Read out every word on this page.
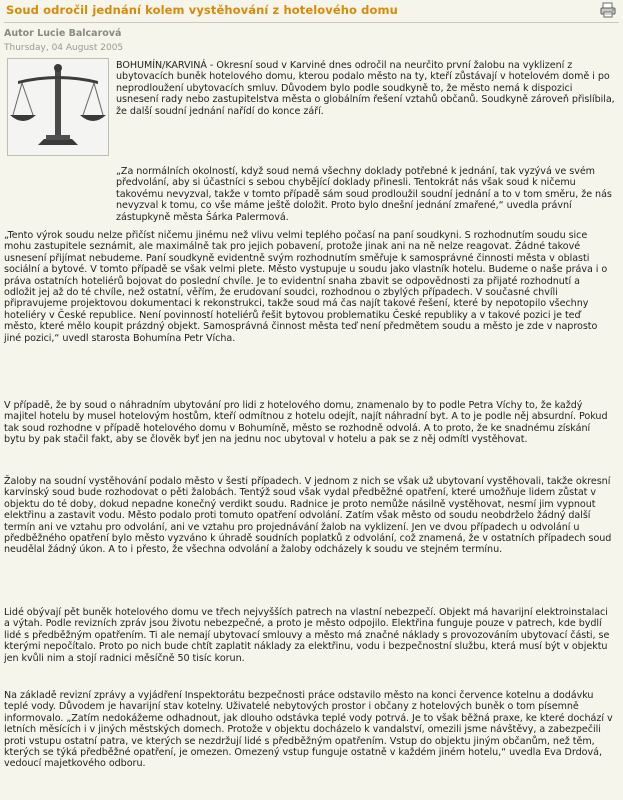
Soud odročil jednání kolem vystěhování z hotelového domu
Autor Lucie Balcarová
Thursday, 04 August 2005
BOHUMÍN/KARVINÁ - Okresní soud v Karviné dnes odročil na neurčito první žalobu na vyklizení z ubytovacích buněk hotelového domu, kterou podalo město na ty, kteří zůstávají v hotelovém domě i po neprodloužení ubytovacích smluv. Důvodem bylo podle soudkyně to, že město nemá k dispozici usnesení rady nebo zastupitelstva města o globálním řešení vztahů občanů. Soudkyně zároveň přislíbila, že další soudní jednání nařídí do konce září.
„Za normálních okolností, když soud nemá všechny doklady potřebné k jednání, tak vyzývá ve svém předvolání, aby si účastníci s sebou chybějící doklady přinesli. Tentokrát nás však soud k ničemu takovému nevyzval, takže v tomto případě sám soud prodloužil soudní jednání a to v tom směru, že nás nevyzval k tomu, co vše máme ještě doložit. Proto bylo dnešní jednání zmařené,“ uvedla právní zástupkyně města Šárka Palermová.
„Tento výrok soudu nelze přičíst ničemu jinému než vlivu velmi teplého počasí na paní soudkyni. S rozhodnutím soudu sice mohu zastupitele seznámit, ale maximálně tak pro jejich pobavení, protože jinak ani na ně nelze reagovat. Žádné takové usnesení přijímat nebudeme. Paní soudkyně evidentně svým rozhodnutím směřuje k samosprávné činnosti města v oblasti sociální a bytové. V tomto případě se však velmi plete. Město vystupuje u soudu jako vlastník hotelu. Budeme o naše práva i o práva ostatních hoteliérů bojovat do poslední chvíle. Je to evidentní snaha zbavit se odpovědnosti za přijaté rozhodnutí a odložit jej až do té chvíle, než ostatní, věřím, že erudovaní soudci, rozhodnou o zbylých případech. V současné chvíli připravujeme projektovou dokumentaci k rekonstrukci, takže soud má čas najít takové řešení, které by nepotopilo všechny hoteliéry v České republice. Není povinností hoteliérů řešit bytovou problematiku České republiky a v takové pozici je teď město, které mělo koupit prázdný objekt. Samosprávná činnost města teď není předmětem soudu a město je zde v naprosto jiné pozici,“ uvedl starosta Bohumína Petr Vícha.
V případě, že by soud o náhradním ubytování pro lidi z hotelového domu, znamenalo by to podle Petra Víchy to, že každý majitel hotelu by musel hotelovým hostům, kteří odmítnou z hotelu odejít, najít náhradní byt. A to je podle něj absurdní. Pokud tak soud rozhodne v případě hotelového domu v Bohumíně, město se rozhodně odvolá. A to proto, že ke snadnému získání bytu by pak stačil fakt, aby se člověk byť jen na jednu noc ubytoval v hotelu a pak se z něj odmítl vystěhovat.
Žaloby na soudní vystěhování podalo město v šesti případech. V jednom z nich se však už ubytovaní vystěhovali, takže okresní karvinský soud bude rozhodovat o pěti žalobách. Tentýž soud však vydal předběžné opatření, které umožňuje lidem zůstat v objektu do té doby, dokud nepadne konečný verdikt soudu. Radnice je proto nemůže násilně vystěhovat, nesmí jim vypnout elektřinu a zastavit vodu. Město podalo proti tomuto opatření odvolání. Zatím však město od soudu neobdrželo žádný další termín ani ve vztahu pro odvolání, ani ve vztahu pro projednávání žalob na vyklizení. Jen ve dvou případech u odvolání u předběžného opatření bylo město vyzváno k úhradě soudních poplatků z odvolání, což znamená, že v ostatních případech soud neudělal žádný úkon. A to i přesto, že všechna odvolání a žaloby odcházely k soudu ve stejném termínu.
Lidé obývají pět buněk hotelového domu ve třech nejvyšších patrech na vlastní nebezpečí. Objekt má havarijní elektroinstalaci a výtah. Podle revizních zpráv jsou životu nebezpečné, a proto je město odpojilo. Elektřina funguje pouze v patrech, kde bydlí lidé s předběžným opatřením. Ti ale nemají ubytovací smlouvy a město má značné náklady s provozováním ubytovací části, se kterými nepočítalo. Proto po nich bude chtít zaplatit náklady za elektřinu, vodu i bezpečnostní službu, která musí být v objektu jen kvůli nim a stojí radnici měsíčně 50 tisíc korun.
Na základě revizní zprávy a vyjádření Inspektorátu bezpečnosti práce odstavilo město na konci července kotelnu a dodávku teplé vody. Důvodem je havarijní stav kotelny. Uživatelé nebytových prostor i občany z hotelových buněk o tom písemně informovalo. „Zatím nedokážeme odhadnout, jak dlouho odstávka teplé vody potrvá. Je to však běžná praxe, ke které dochází v letních měsících i v jiných městských domech. Protože v objektu docházelo k vandalství, omezili jsme návštěvy, a zabezpečili proti vstupu ostatní patra, ve kterých se nezdržují lidé s předběžným opatřením. Vstup do objektu jiným občanům, než těm, kterých se týká předběžné opatření, je omezen. Omezený vstup funguje ostatně v každém jiném hotelu,“ uvedla Eva Drdová, vedoucí majetkového odboru.
